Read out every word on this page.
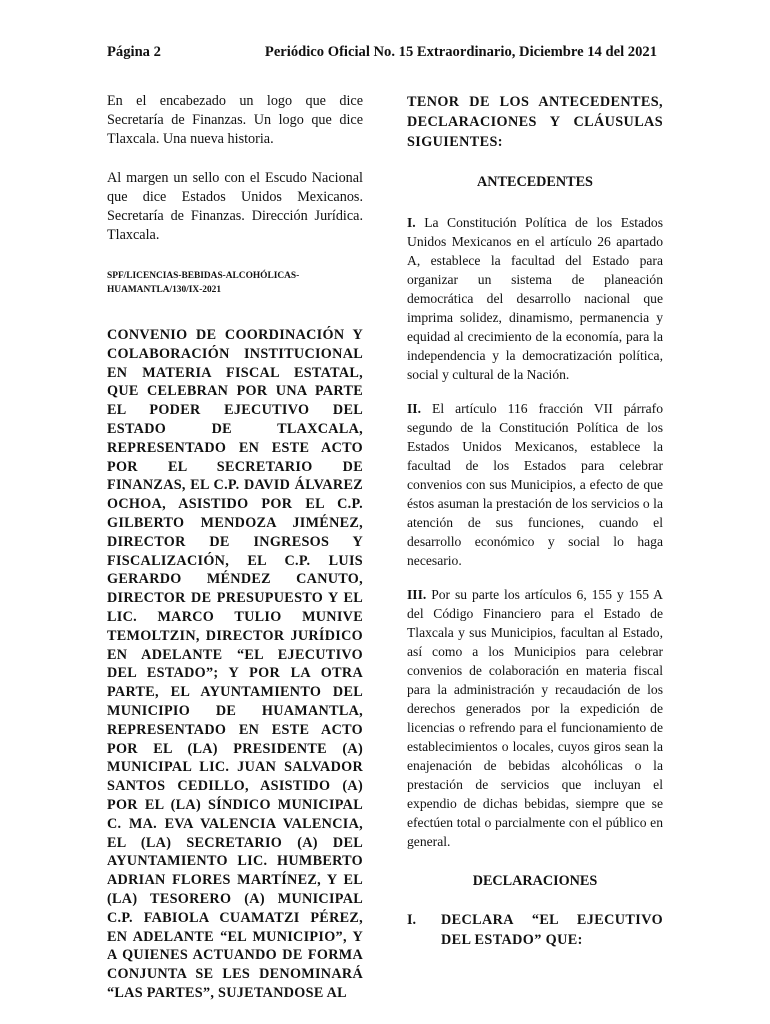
Página 2	Periódico Oficial No. 15 Extraordinario, Diciembre 14 del 2021

En el encabezado un logo que dice Secretaría de Finanzas. Un logo que dice Tlaxcala. Una nueva historia.

Al margen un sello con el Escudo Nacional que dice Estados Unidos Mexicanos. Secretaría de Finanzas. Dirección Jurídica. Tlaxcala.

SPF/LICENCIAS-BEBIDAS-ALCOHÓLICAS-HUAMANTLA/130/IX-2021

CONVENIO DE COORDINACIÓN Y COLABORACIÓN INSTITUCIONAL EN MATERIA FISCAL ESTATAL, QUE CELEBRAN POR UNA PARTE EL PODER EJECUTIVO DEL ESTADO DE TLAXCALA, REPRESENTADO EN ESTE ACTO POR EL SECRETARIO DE FINANZAS, EL C.P. DAVID ÁLVAREZ OCHOA, ASISTIDO POR EL C.P. GILBERTO MENDOZA JIMÉNEZ, DIRECTOR DE INGRESOS Y FISCALIZACIÓN, EL C.P. LUIS GERARDO MÉNDEZ CANUTO, DIRECTOR DE PRESUPUESTO Y EL LIC. MARCO TULIO MUNIVE TEMOLTZIN, DIRECTOR JURÍDICO EN ADELANTE “EL EJECUTIVO DEL ESTADO”; Y POR LA OTRA PARTE, EL AYUNTAMIENTO DEL MUNICIPIO DE HUAMANTLA, REPRESENTADO EN ESTE ACTO POR EL (LA) PRESIDENTE (A) MUNICIPAL LIC. JUAN SALVADOR SANTOS CEDILLO, ASISTIDO (A) POR EL (LA) SÍNDICO MUNICIPAL C. MA. EVA VALENCIA VALENCIA, EL (LA) SECRETARIO (A) DEL AYUNTAMIENTO LIC. HUMBERTO ADRIAN FLORES MARTÍNEZ, Y EL (LA) TESORERO (A) MUNICIPAL C.P. FABIOLA CUAMATZI PÉREZ, EN ADELANTE “EL MUNICIPIO”, Y A QUIENES ACTUANDO DE FORMA CONJUNTA SE LES DENOMINARÁ “LAS PARTES”, SUJETANDOSE AL

TENOR DE LOS ANTECEDENTES, DECLARACIONES Y CLÁUSULAS SIGUIENTES:

ANTECEDENTES

I. La Constitución Política de los Estados Unidos Mexicanos en el artículo 26 apartado A, establece la facultad del Estado para organizar un sistema de planeación democrática del desarrollo nacional que imprima solidez, dinamismo, permanencia y equidad al crecimiento de la economía, para la independencia y la democratización política, social y cultural de la Nación.

II. El artículo 116 fracción VII párrafo segundo de la Constitución Política de los Estados Unidos Mexicanos, establece la facultad de los Estados para celebrar convenios con sus Municipios, a efecto de que éstos asuman la prestación de los servicios o la atención de sus funciones, cuando el desarrollo económico y social lo haga necesario.

III. Por su parte los artículos 6, 155 y 155 A del Código Financiero para el Estado de Tlaxcala y sus Municipios, facultan al Estado, así como a los Municipios para celebrar convenios de colaboración en materia fiscal para la administración y recaudación de los derechos generados por la expedición de licencias o refrendo para el funcionamiento de establecimientos o locales, cuyos giros sean la enajenación de bebidas alcohólicas o la prestación de servicios que incluyan el expendio de dichas bebidas, siempre que se efectúen total o parcialmente con el público en general.

DECLARACIONES

I.	DECLARA “EL EJECUTIVO DEL ESTADO” QUE:
